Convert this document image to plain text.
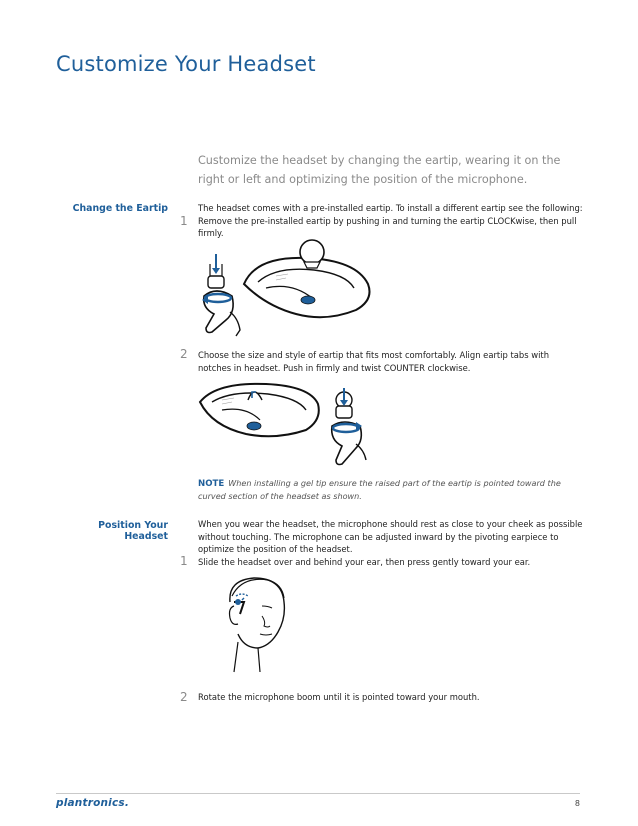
Customize Your Headset
Customize the headset by changing the eartip, wearing it on the right or left and optimizing the position of the microphone.
Change the Eartip
1
The headset comes with a pre-installed eartip. To install a different eartip see the following:
Remove the pre-installed eartip by pushing in and turning the eartip CLOCKwise, then pull firmly.
2 Choose the size and style of eartip that fits most comfortably. Align eartip tabs with notches in headset. Push in firmly and twist COUNTER clockwise.
NOTE When installing a gel tip ensure the raised part of the eartip is pointed toward the curved section of the headset as shown.
Position Your Headset
When you wear the headset, the microphone should rest as close to your cheek as possible without touching. The microphone can be adjusted inward by the pivoting earpiece to optimize the position of the headset.
1 Slide the headset over and behind your ear, then press gently toward your ear.
2 Rotate the microphone boom until it is pointed toward your mouth.
plantronics.	8
